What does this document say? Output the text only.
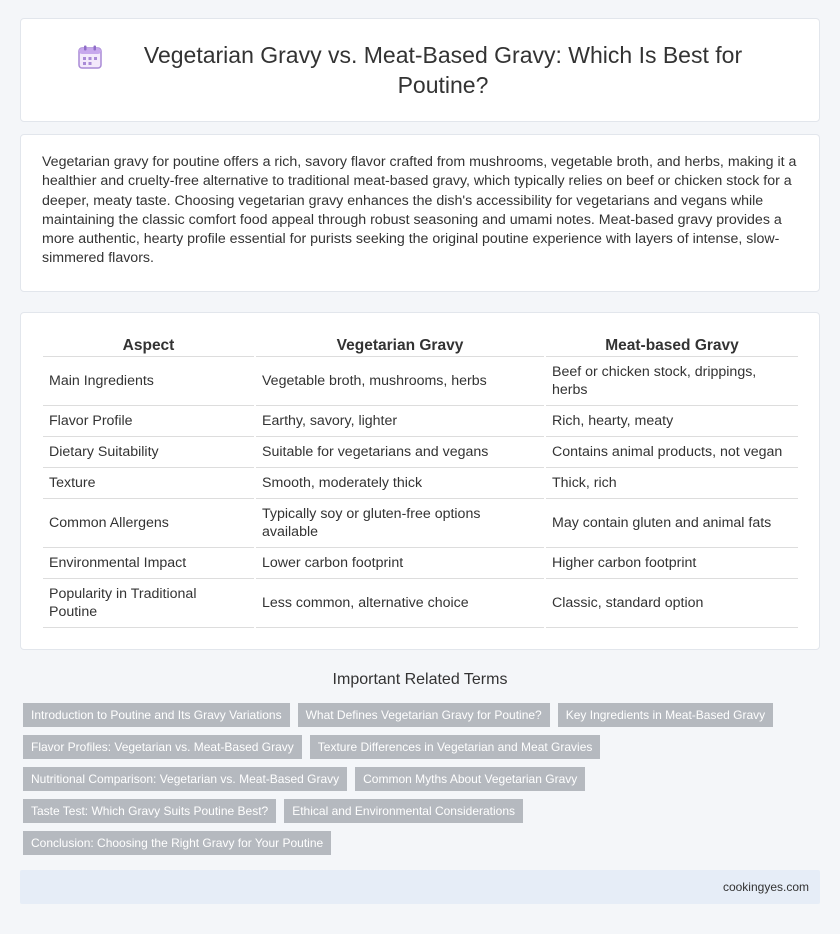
Vegetarian Gravy vs. Meat-Based Gravy: Which Is Best for Poutine?

Vegetarian gravy for poutine offers a rich, savory flavor crafted from mushrooms, vegetable broth, and herbs, making it a healthier and cruelty-free alternative to traditional meat-based gravy, which typically relies on beef or chicken stock for a deeper, meaty taste. Choosing vegetarian gravy enhances the dish's accessibility for vegetarians and vegans while maintaining the classic comfort food appeal through robust seasoning and umami notes. Meat-based gravy provides a more authentic, hearty profile essential for purists seeking the original poutine experience with layers of intense, slow-simmered flavors.

Aspect	Vegetarian Gravy	Meat-based Gravy
Main Ingredients	Vegetable broth, mushrooms, herbs	Beef or chicken stock, drippings, herbs
Flavor Profile	Earthy, savory, lighter	Rich, hearty, meaty
Dietary Suitability	Suitable for vegetarians and vegans	Contains animal products, not vegan
Texture	Smooth, moderately thick	Thick, rich
Common Allergens	Typically soy or gluten-free options available	May contain gluten and animal fats
Environmental Impact	Lower carbon footprint	Higher carbon footprint
Popularity in Traditional Poutine	Less common, alternative choice	Classic, standard option
Important Related Terms
Introduction to Poutine and Its Gravy Variations	What Defines Vegetarian Gravy for Poutine?	Key Ingredients in Meat-Based Gravy
Flavor Profiles: Vegetarian vs. Meat-Based Gravy	Texture Differences in Vegetarian and Meat Gravies
Nutritional Comparison: Vegetarian vs. Meat-Based Gravy	Common Myths About Vegetarian Gravy
Taste Test: Which Gravy Suits Poutine Best?	Ethical and Environmental Considerations
Conclusion: Choosing the Right Gravy for Your Poutine
cookingyes.com
